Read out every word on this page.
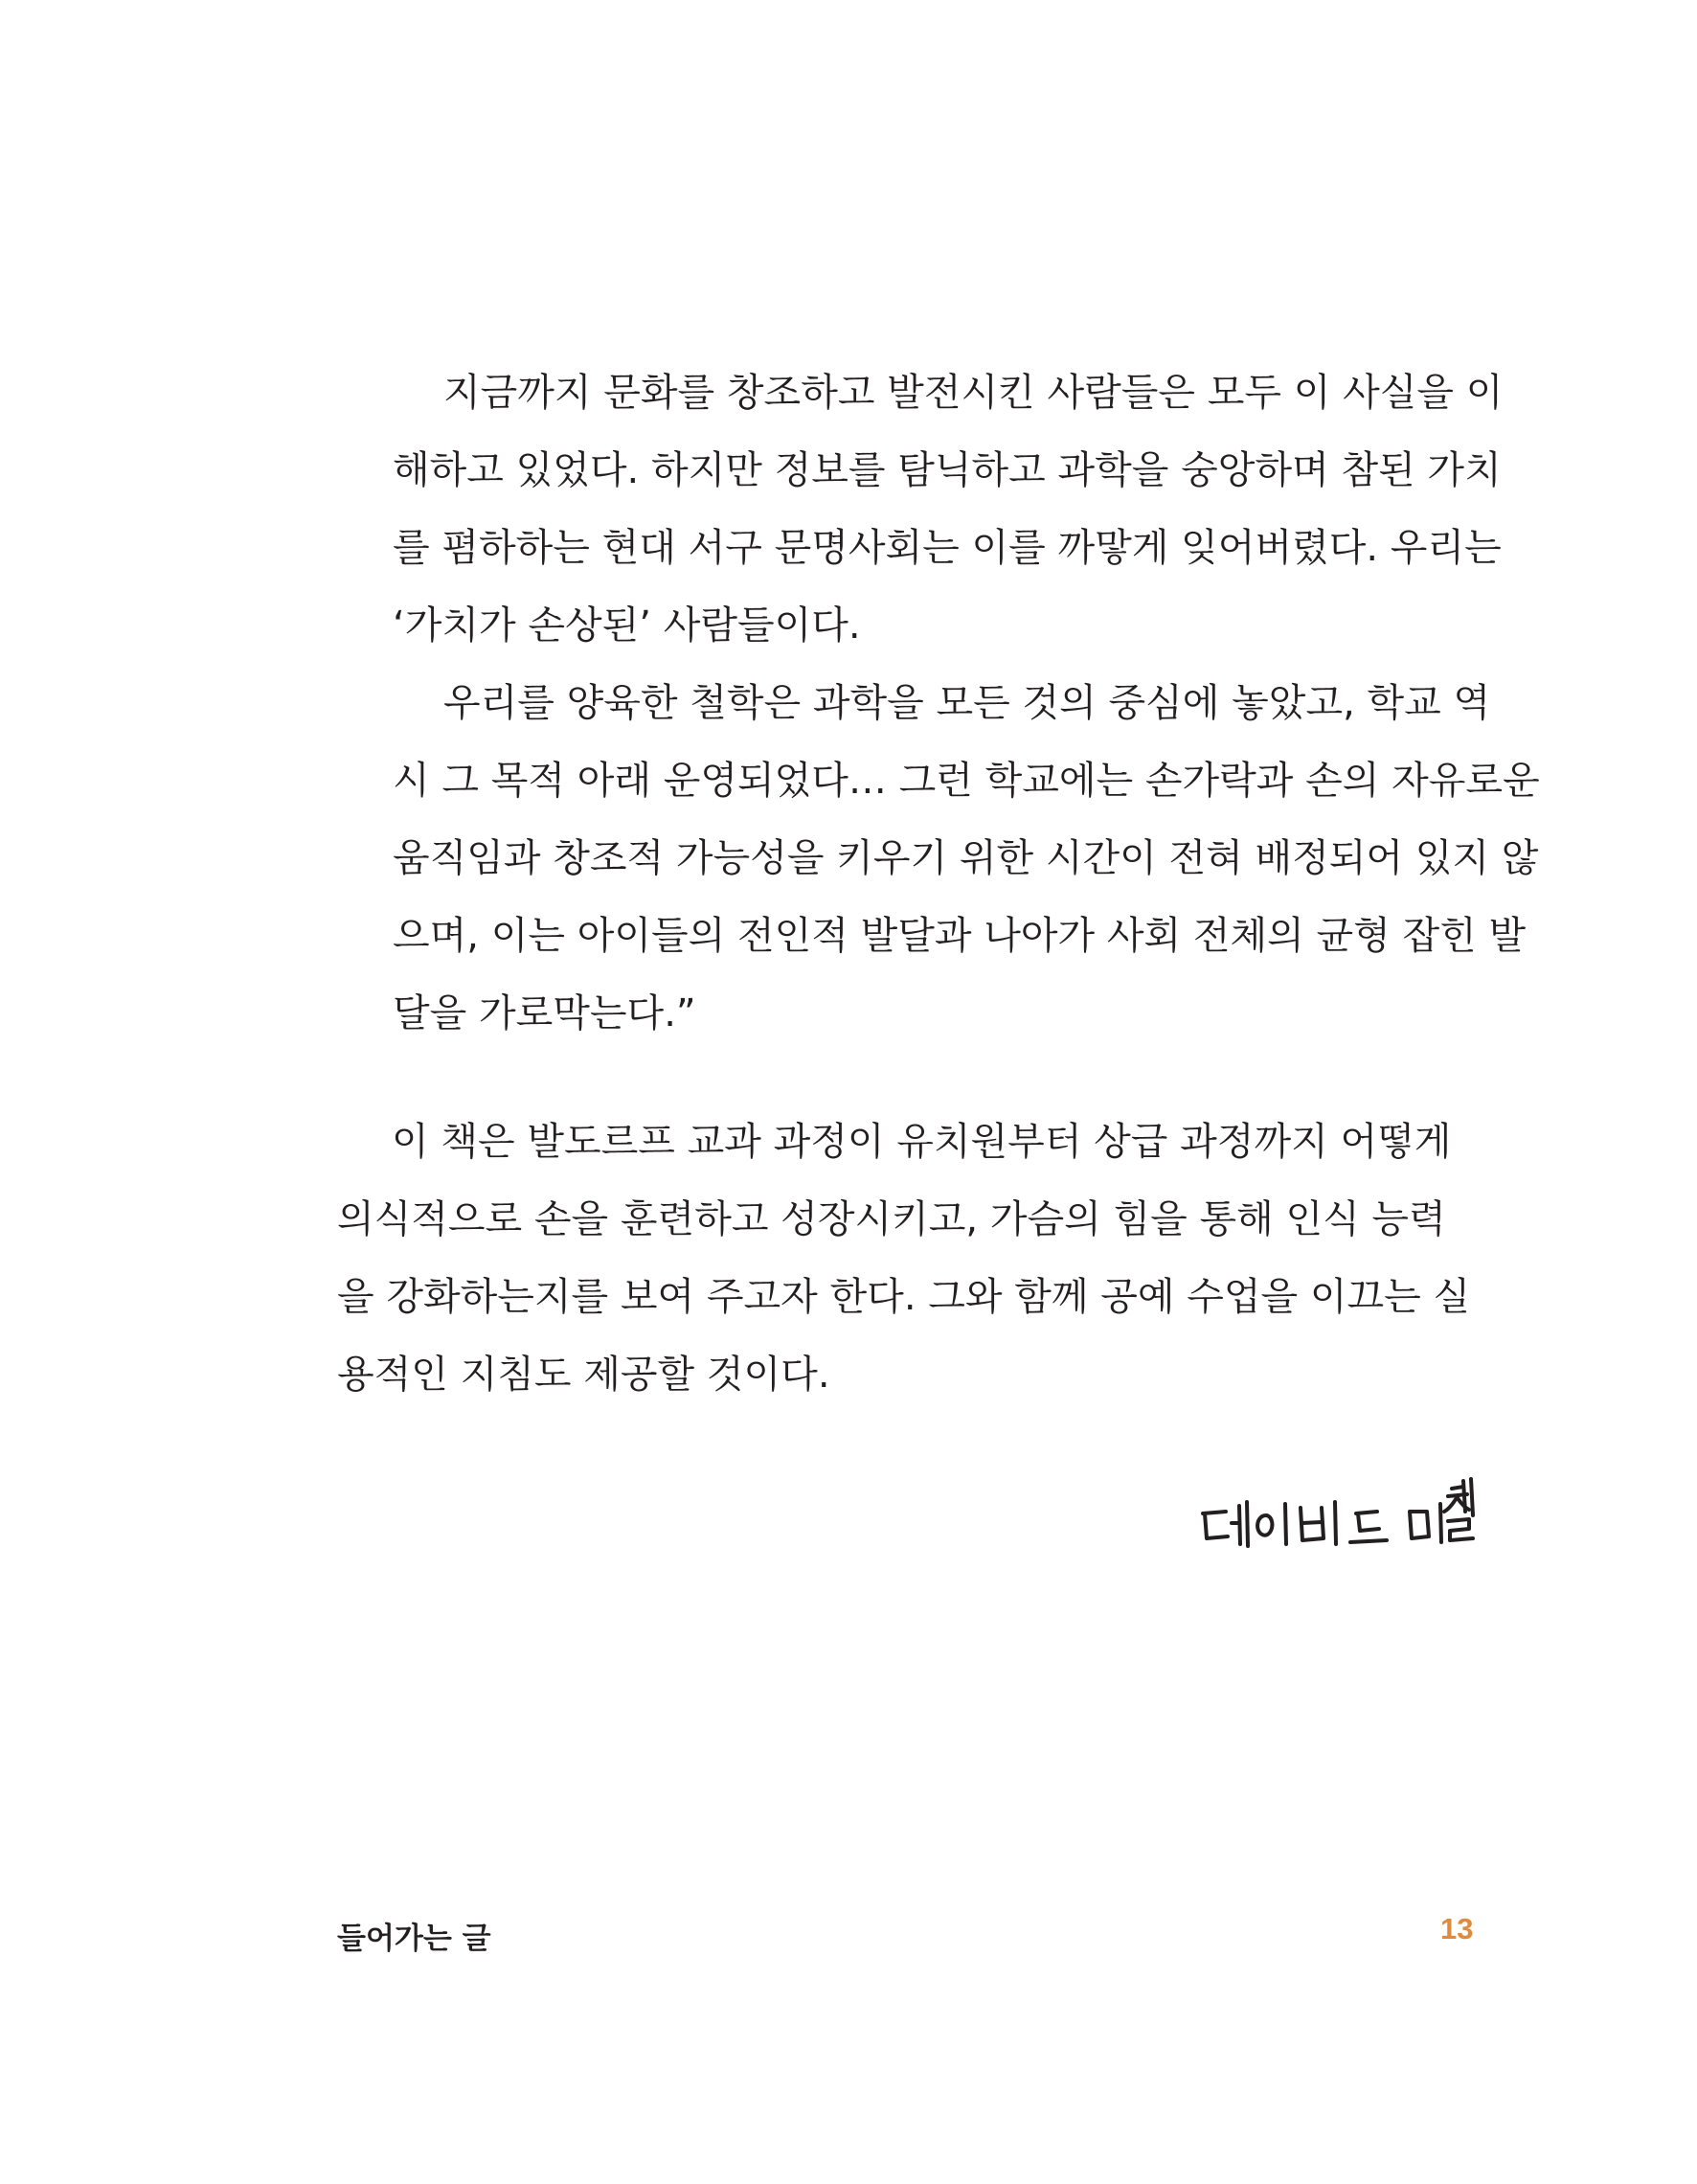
지금까지 문화를 창조하고 발전시킨 사람들은 모두 이 사실을 이
해하고 있었다. 하지만 정보를 탐닉하고 과학을 숭앙하며 참된 가치
를 폄하하는 현대 서구 문명사회는 이를 까맣게 잊어버렸다. 우리는
‘가치가 손상된’ 사람들이다.
우리를 양육한 철학은 과학을 모든 것의 중심에 놓았고, 학교 역
시 그 목적 아래 운영되었다… 그런 학교에는 손가락과 손의 자유로운
움직임과 창조적 가능성을 키우기 위한 시간이 전혀 배정되어 있지 않
으며, 이는 아이들의 전인적 발달과 나아가 사회 전체의 균형 잡힌 발
달을 가로막는다.”
이 책은 발도르프 교과 과정이 유치원부터 상급 과정까지 어떻게
의식적으로 손을 훈련하고 성장시키고, 가슴의 힘을 통해 인식 능력
을 강화하는지를 보여 주고자 한다. 그와 함께 공예 수업을 이끄는 실
용적인 지침도 제공할 것이다.
들어가는 글	13
